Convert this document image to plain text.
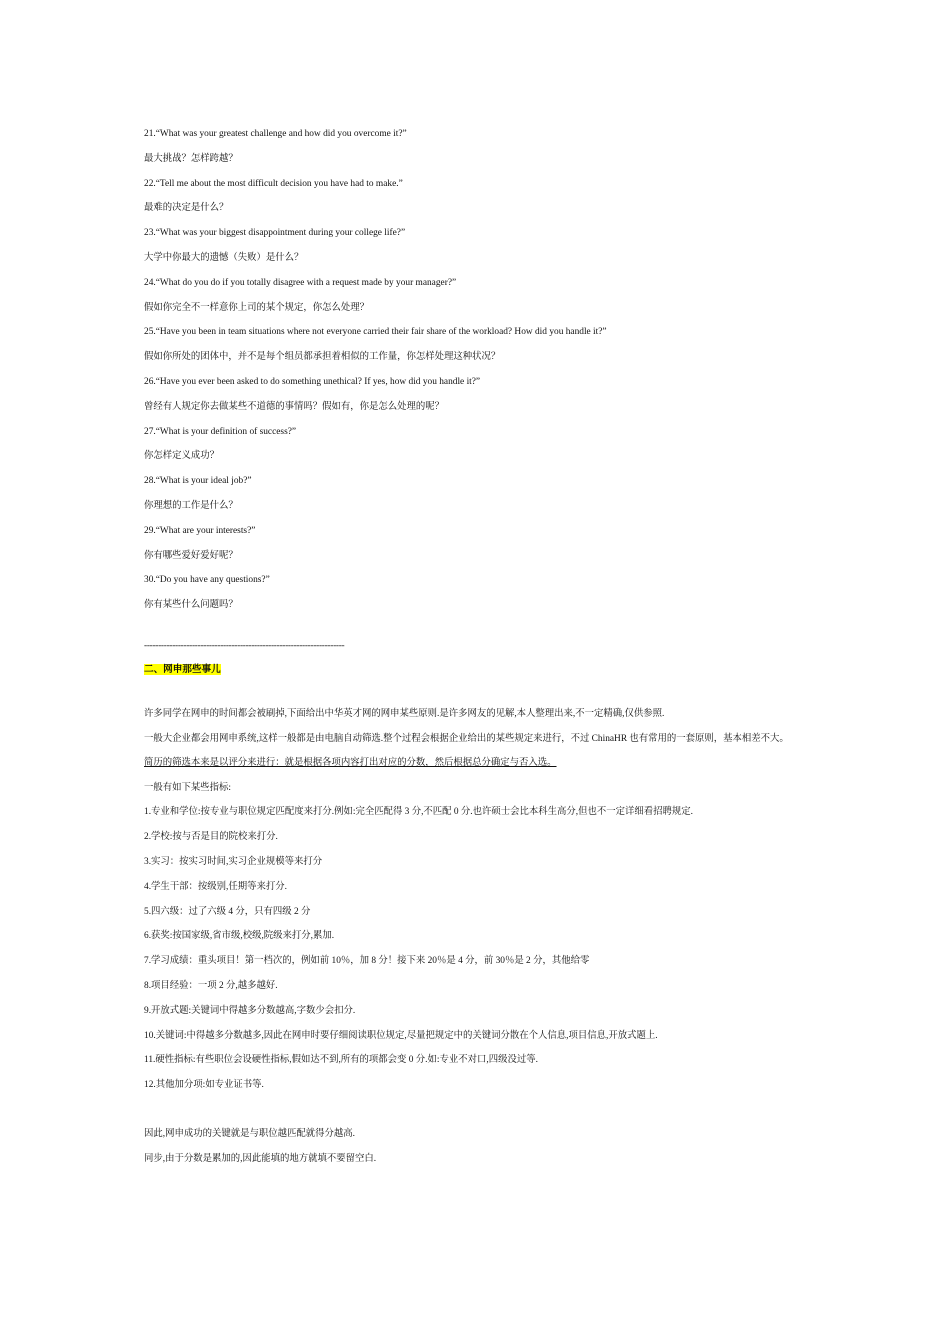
21.“What was your greatest challenge and how did you overcome it?”
最大挑战？怎样跨越？
22.“Tell me about the most difficult decision you have had to make.”
最难的决定是什么？
23.“What was your biggest disappointment during your college life?”
大学中你最大的遗憾（失败）是什么？
24.“What do you do if you totally disagree with a request made by your manager?”
假如你完全不一样意你上司的某个规定，你怎么处理？
25.“Have you been in team situations where not everyone carried their fair share of the workload? How did you handle it?”
假如你所处的团体中，并不是每个组员都承担着相似的工作量，你怎样处理这种状况？
26.“Have you ever been asked to do something unethical? If yes, how did you handle it?”
曾经有人规定你去做某些不道德的事情吗？假如有，你是怎么处理的呢？
27.“What is your definition of success?”
你怎样定义成功？
28.“What is your ideal job?”
你理想的工作是什么？
29.“What are your interests?”
你有哪些爱好爱好呢？
30.“Do you have any questions?”
你有某些什么问题吗？
-----------------------------------------------------------------------
二、网申那些事儿
许多同学在网申的时间都会被刷掉,下面给出中华英才网的网申某些原则.是许多网友的见解,本人整理出来,不一定精确,仅供参照.
一般大企业都会用网申系统,这样一般都是由电脑自动筛选.整个过程会根据企业给出的某些规定来进行，不过 ChinaHR 也有常用的一套原则，基本相差不大。
简历的筛选本来是以评分来进行：就是根据各项内容打出对应的分数，然后根据总分确定与否入选。
一般有如下某些指标:
1.专业和学位:按专业与职位规定匹配度来打分.例如:完全匹配得 3 分,不匹配 0 分.也许硕士会比本科生高分,但也不一定详细看招聘规定.
2.学校:按与否是目的院校来打分.
3.实习：按实习时间,实习企业规模等来打分
4.学生干部：按级别,任期等来打分.
5.四六级：过了六级 4 分，只有四级 2 分
6.获奖:按国家级,省市级,校级,院级来打分,累加.
7.学习成绩：重头项目！第一档次的，例如前 10％，加 8 分！接下来 20％是 4 分，前 30％是 2 分，其他给零
8.项目经验：一项 2 分,越多越好.
9.开放式题:关键词中得越多分数越高,字数少会扣分.
10.关键词:中得越多分数越多,因此在网申时要仔细阅读职位规定,尽量把规定中的关键词分散在个人信息,项目信息,开放式题上.
11.硬性指标:有些职位会设硬性指标,假如达不到,所有的项都会变 0 分.如:专业不对口,四级没过等.
12.其他加分项:如专业证书等.
因此,网申成功的关键就是与职位越匹配就得分越高.
同步,由于分数是累加的,因此能填的地方就填不要留空白.
